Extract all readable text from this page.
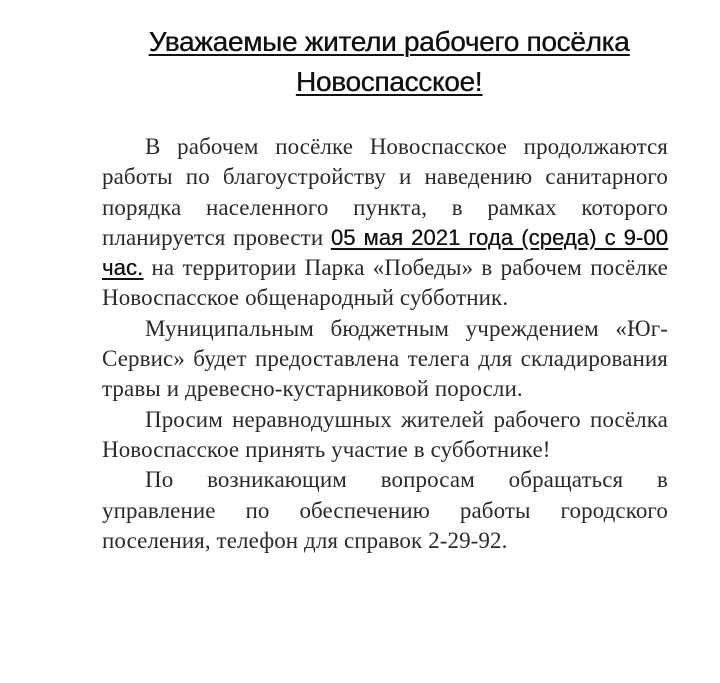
Уважаемые жители рабочего посёлка Новоспасское!

В рабочем посёлке Новоспасское продолжаются работы по благоустройству и наведению санитарного порядка населенного пункта, в рамках которого планируется провести 05 мая 2021 года (среда) с 9-00 час. на территории Парка «Победы» в рабочем посёлке Новоспасское общенародный субботник.

Муниципальным бюджетным учреждением «Юг-Сервис» будет предоставлена телега для складирования травы и древесно-кустарниковой поросли.

Просим неравнодушных жителей рабочего посёлка Новоспасское принять участие в субботнике!

По возникающим вопросам обращаться в управление по обеспечению работы городского поселения, телефон для справок 2-29-92.
